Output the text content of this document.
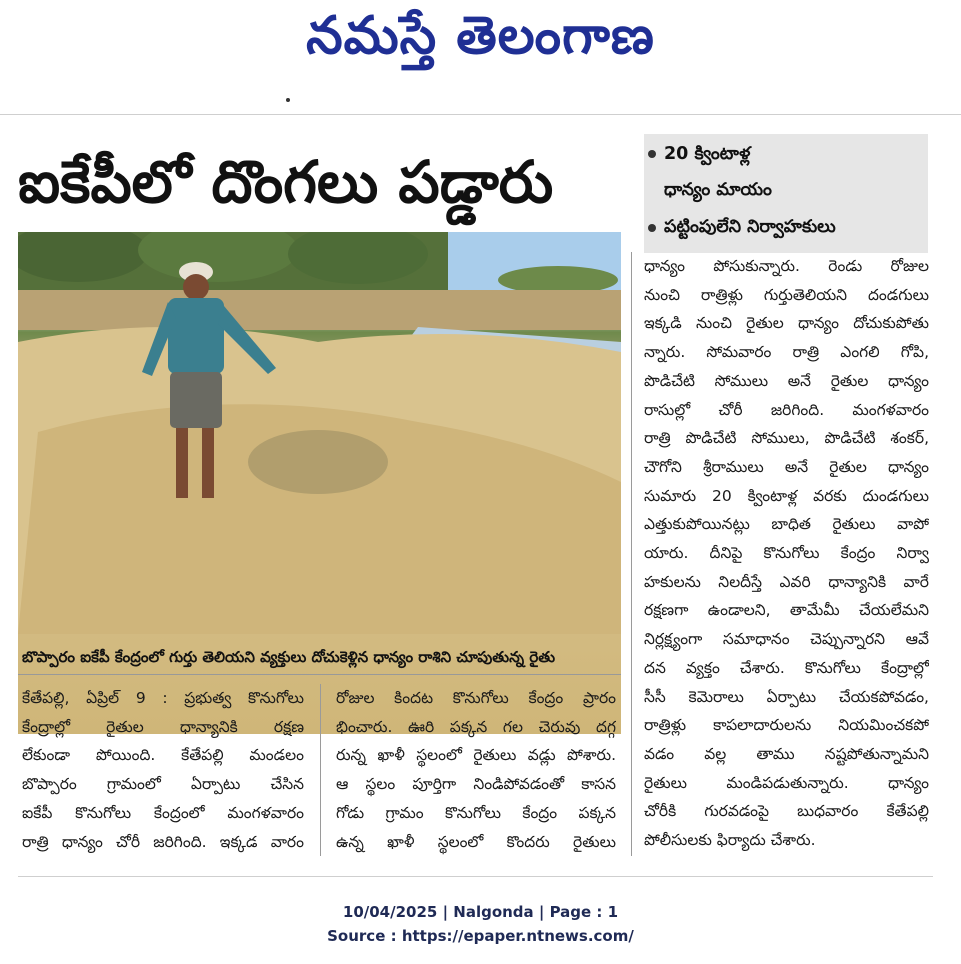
నమస్తే తెలంగాణ
ఐకేపీలో దొంగలు పడ్డారు	20 క్వింటాళ్ల
ధాన్యం మాయం
పట్టింపులేని నిర్వాహకులు
బొప్పారం ఐకేపీ కేంద్రంలో గుర్తు తెలియని వ్యక్తులు దోచుకెళ్లిన ధాన్యం రాశిని చూపుతున్న రైతు
కేతేపల్లి, ఏప్రిల్ 9 : ప్రభుత్వ కొనుగోలు
కేంద్రాల్లో రైతుల ధాన్యానికి రక్షణ
లేకుండా పోయింది. కేతేపల్లి మండలం
బొప్పారం గ్రామంలో ఏర్పాటు చేసిన
ఐకేపీ కొనుగోలు కేంద్రంలో మంగళవారం
రాత్రి ధాన్యం చోరీ జరిగింది. ఇక్కడ వారం
రోజుల కిందట కొనుగోలు కేంద్రం ప్రారం
భించారు. ఊరి పక్కన గల చెరువు దగ్గ
రున్న ఖాళీ స్థలంలో రైతులు వడ్లు పోశారు.
ఆ స్థలం పూర్తిగా నిండిపోవడంతో కాసన
గోడు గ్రామం కొనుగోలు కేంద్రం పక్కన
ఉన్న ఖాళీ స్థలంలో కొందరు రైతులు
ధాన్యం పోసుకున్నారు. రెండు రోజుల
నుంచి రాత్రిళ్లు గుర్తుతెలియని దండగులు
ఇక్కడి నుంచి రైతుల ధాన్యం దోచుకుపోతు
న్నారు. సోమవారం రాత్రి ఎంగలి గోపి,
పొడిచేటి సోములు అనే రైతుల ధాన్యం
రాసుల్లో చోరీ జరిగింది. మంగళవారం
రాత్రి పొడిచేటి సోములు, పొడిచేటి శంకర్,
చౌగోని శ్రీరాములు అనే రైతుల ధాన్యం
సుమారు 20 క్వింటాళ్ల వరకు దుండగులు
ఎత్తుకుపోయినట్లు బాధిత రైతులు వాపో
యారు. దీనిపై కొనుగోలు కేంద్రం నిర్వా
హకులను నిలదీస్తే ఎవరి ధాన్యానికి వారే
రక్షణగా ఉండాలని, తామేమీ చేయలేమని
నిర్లక్ష్యంగా సమాధానం చెప్పున్నారని ఆవే
దన వ్యక్తం చేశారు. కొనుగోలు కేంద్రాల్లో
సీసీ కెమెరాలు ఏర్పాటు చేయకపోవడం,
రాత్రిళ్లు కాపలాదారులను నియమించకపో
వడం వల్ల తాము నష్టపోతున్నామని
రైతులు మండిపడుతున్నారు. ధాన్యం
చోరీకి గురవడంపై బుధవారం కేతేపల్లి
పోలీసులకు ఫిర్యాదు చేశారు.
10/04/2025 | Nalgonda | Page : 1
Source : https://epaper.ntnews.com/
